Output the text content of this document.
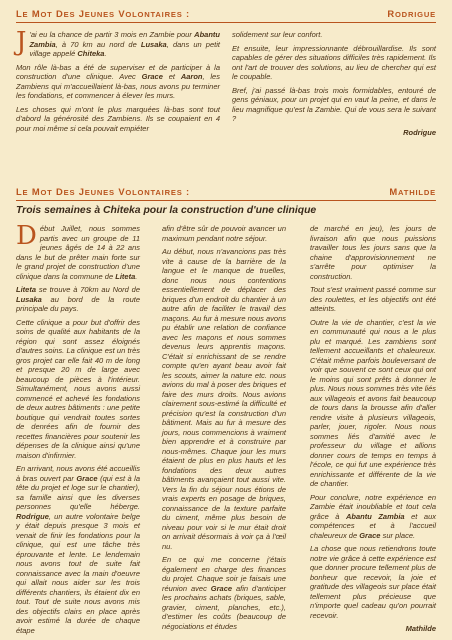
LE MOT DES JEUNES VOLONTAIRES :	RODRIGUE

J 'ai eu la chance de partir 3 mois en Zambie pour Abantu Zambia, à 70 km au nord de Lusaka, dans un petit village appelé Chiteka.

Mon rôle là-bas a été de superviser et de participer à la construction d'une clinique. Avec Grace et Aaron, les Zambiens qui m'accueillaient là-bas, nous avons pu terminer les fondations, et commencer à élever les murs.

Les choses qui m'ont le plus marquées là-bas sont tout d'abord la générosité des Zambiens. Ils se coupaient en 4 pour moi même si cela pouvait empiéter

solidement sur leur confort.

Et ensuite, leur impressionnante débrouillardise. Ils sont capables de gérer des situations difficiles très rapidement. Ils ont l'art de trouver des solutions, au lieu de chercher qui est le coupable.

Bref, j'ai passé là-bas trois mois formidables, entouré de gens géniaux, pour un projet qui en vaut la peine, et dans le lieu magnifique qu'est la Zambie. Qui de vous sera le suivant ?

Rodrigue

LE MOT DES JEUNES VOLONTAIRES :	MATHILDE
Trois semaines à Chiteka pour la construction d'une clinique

Début Juillet, nous sommes partis avec un groupe de 11 jeunes âgés de 14 à 22 ans dans le but de prêter main forte sur le grand projet de construction d'une clinique dans la commune de Liteta.

Liteta se trouve à 70km au Nord de Lusaka au bord de la route principale du pays.

Cette clinique a pour but d'offrir des soins de qualité aux habitants de la région qui sont assez éloignés d'autres soins. La clinique est un très gros projet car elle fait 40 m de long et presque 20 m de large avec beaucoup de pièces à l'intérieur. Simultanément, nous avons aussi commencé et achevé les fondations de deux autres bâtiments : une petite boutique qui vendrait toutes sortes de denrées afin de fournir des recettes financières pour soutenir les dépenses de la clinique ainsi qu'une maison d'infirmier.

En arrivant, nous avons été accueillis à bras ouvert par Grace (qui est à la tête du projet et loge sur le chantier), sa famille ainsi que les diverses personnes qu'elle héberge. Rodrigue, un autre volontaire belge y était depuis presque 3 mois et venait de finir les fondations pour la clinique, qui est une tâche très éprouvante et lente. Le lendemain nous avons tout de suite fait connaissance avec la main d'oeuvre qui allait nous aider sur les trois différents chantiers, ils étaient dix en tout. Tout de suite nous avons mis des objectifs clairs en place après avoir estimé la durée de chaque étape

afin d'être sûr de pouvoir avancer un maximum pendant notre séjour.

Au début, nous n'avancions pas très vite à cause de la barrière de la langue et le manque de truelles, donc nous nous contentions essentiellement de déplacer des briques d'un endroit du chantier à un autre afin de faciliter le travail des maçons. Au fur à mesure nous avons pu établir une relation de confiance avec les maçons et nous sommes devenus leurs apprentis maçons. C'était si enrichissant de se rendre compte qu'en ayant beau avoir fait les scouts, aimer la nature etc. nous avions du mal à poser des briques et faire des murs droits. Nous avions clairement sous-estimé la difficulté et précision qu'est la construction d'un bâtiment. Mais au fur à mesure des jours, nous commencions à vraiment bien apprendre et à construire par nous-mêmes. Chaque jour les murs étaient de plus en plus hauts et les fondations des deux autres bâtiments avançaient tout aussi vite. Vers la fin du séjour nous étions de vrais experts en posage de briques, connaissance de la texture parfaite du ciment, même plus besoin de niveau pour voir si le mur était droit on arrivait désormais à voir ça à l'œil nu.

En ce qui me concerne j'étais également en charge des finances du projet. Chaque soir je faisais une réunion avec Grace afin d'anticiper les prochains achats (briques, sable, gravier, ciment, planches, etc.), d'estimer les coûts (beaucoup de négociations et études

de marché en jeu), les jours de livraison afin que nous puissions travailler tous les jours sans que la chaine d'approvisionnement ne s'arrête pour optimiser la construction.

Tout s'est vraiment passé comme sur des roulettes, et les objectifs ont été atteints.

Outre la vie de chantier, c'est la vie en communauté qui nous a le plus plu et marqué. Les zambiens sont tellement accueillants et chaleureux. C'était même parfois bouleversant de voir que souvent ce sont ceux qui ont le moins qui sont prêts à donner le plus. Nous nous sommes très vite liés aux villageois et avons fait beaucoup de tours dans la brousse afin d'aller rendre visite à plusieurs villageois, parler, jouer, rigoler. Nous nous sommes liés d'amitié avec le professeur du village et allions donner cours de temps en temps à l'école, ce qui fut une expérience très enrichissante et différente de la vie de chantier.

Pour conclure, notre expérience en Zambie était inoubliable et tout cela grâce à Abantu Zambia et aux compétences et à l'accueil chaleureux de Grace sur place.

La chose que nous retiendrons toute notre vie grâce à cette expérience est que donner procure tellement plus de bonheur que recevoir, la joie et gratitude des villageois sur place était tellement plus précieuse que n'importe quel cadeau qu'on pourrait recevoir.

Mathilde
